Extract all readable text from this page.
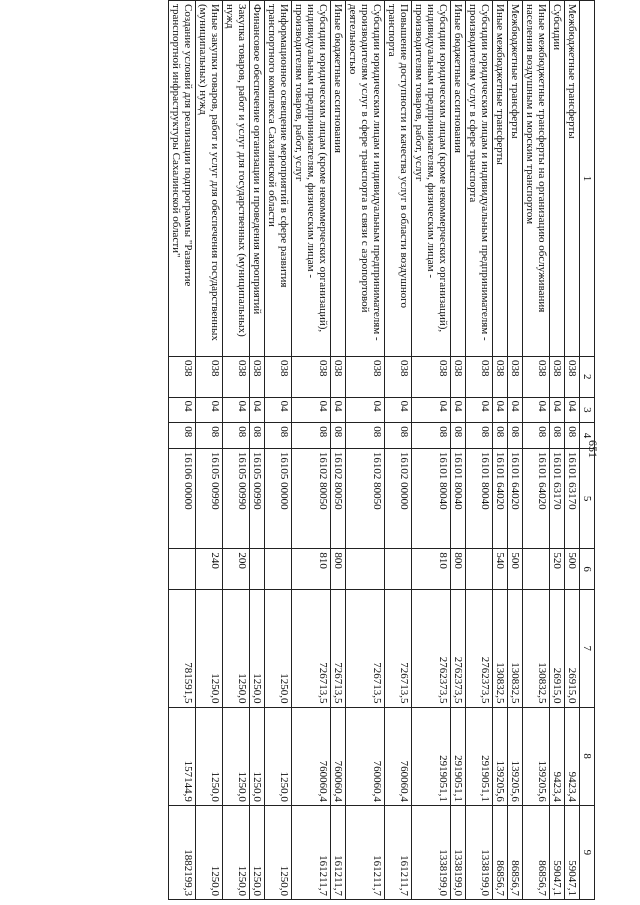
651
1	2	3	4	5	6	7	8	9
Межбюджетные трансферты	038	04	08	16101 63170	500	26915,0	9423,4	59047,1
Субсидии	038	04	08	16101 63170	520	26915,0	9423,4	59047,1
Иные межбюджетные трансферты на организацию обслуживания населения воздушным и морским транспортом	038	04	08	16101 64020		130832,5	139205,6	86856,7
Межбюджетные трансферты	038	04	08	16101 64020	500	130832,5	139205,6	86856,7
Иные межбюджетные трансферты	038	04	08	16101 64020	540	130832,5	139205,6	86856,7
Субсидии юридическим лицам и индивидуальным предпринимателям - производителям услуг в сфере транспорта	038	04	08	16101 80040		2762373,5	2919051,1	1338199,0
Иные бюджетные ассигнования	038	04	08	16101 80040	800	2762373,5	2919051,1	1338199,0
Субсидии юридическим лицам (кроме некоммерческих организаций), индивидуальным предпринимателям, физическим лицам - производителям товаров, работ, услуг	038	04	08	16101 80040	810	2762373,5	2919051,1	1338199,0
Повышение доступности и качества услуг в области воздушного транспорта	038	04	08	16102 00000		726713,5	760060,4	161211,7
Субсидии юридическим лицам и индивидуальным предпринимателям - производителям услуг в сфере транспорта в связи с аэропортовой деятельностью	038	04	08	16102 80050		726713,5	760060,4	161211,7
Иные бюджетные ассигнования	038	04	08	16102 80050	800	726713,5	760060,4	161211,7
Субсидии юридическим лицам (кроме некоммерческих организаций), индивидуальным предпринимателям, физическим лицам - производителям товаров, работ, услуг	038	04	08	16102 80050	810	726713,5	760060,4	161211,7
Информационное освещение мероприятий в сфере развития транспортного комплекса Сахалинской области	038	04	08	16105 00000		1250,0	1250,0	1250,0
Финансовое обеспечение организации и проведения мероприятий	038	04	08	16105 00990		1250,0	1250,0	1250,0
Закупка товаров, работ и услуг для государственных (муниципальных) нужд	038	04	08	16105 00990	200	1250,0	1250,0	1250,0
Иные закупки товаров, работ и услуг для обеспечения государственных (муниципальных) нужд	038	04	08	16105 00990	240	1250,0	1250,0	1250,0
Создание условий для реализации подпрограммы "Развитие транспортной инфраструктуры Сахалинской области"	038	04	08	16106 00000		781591,5	157144,9	1882199,3
